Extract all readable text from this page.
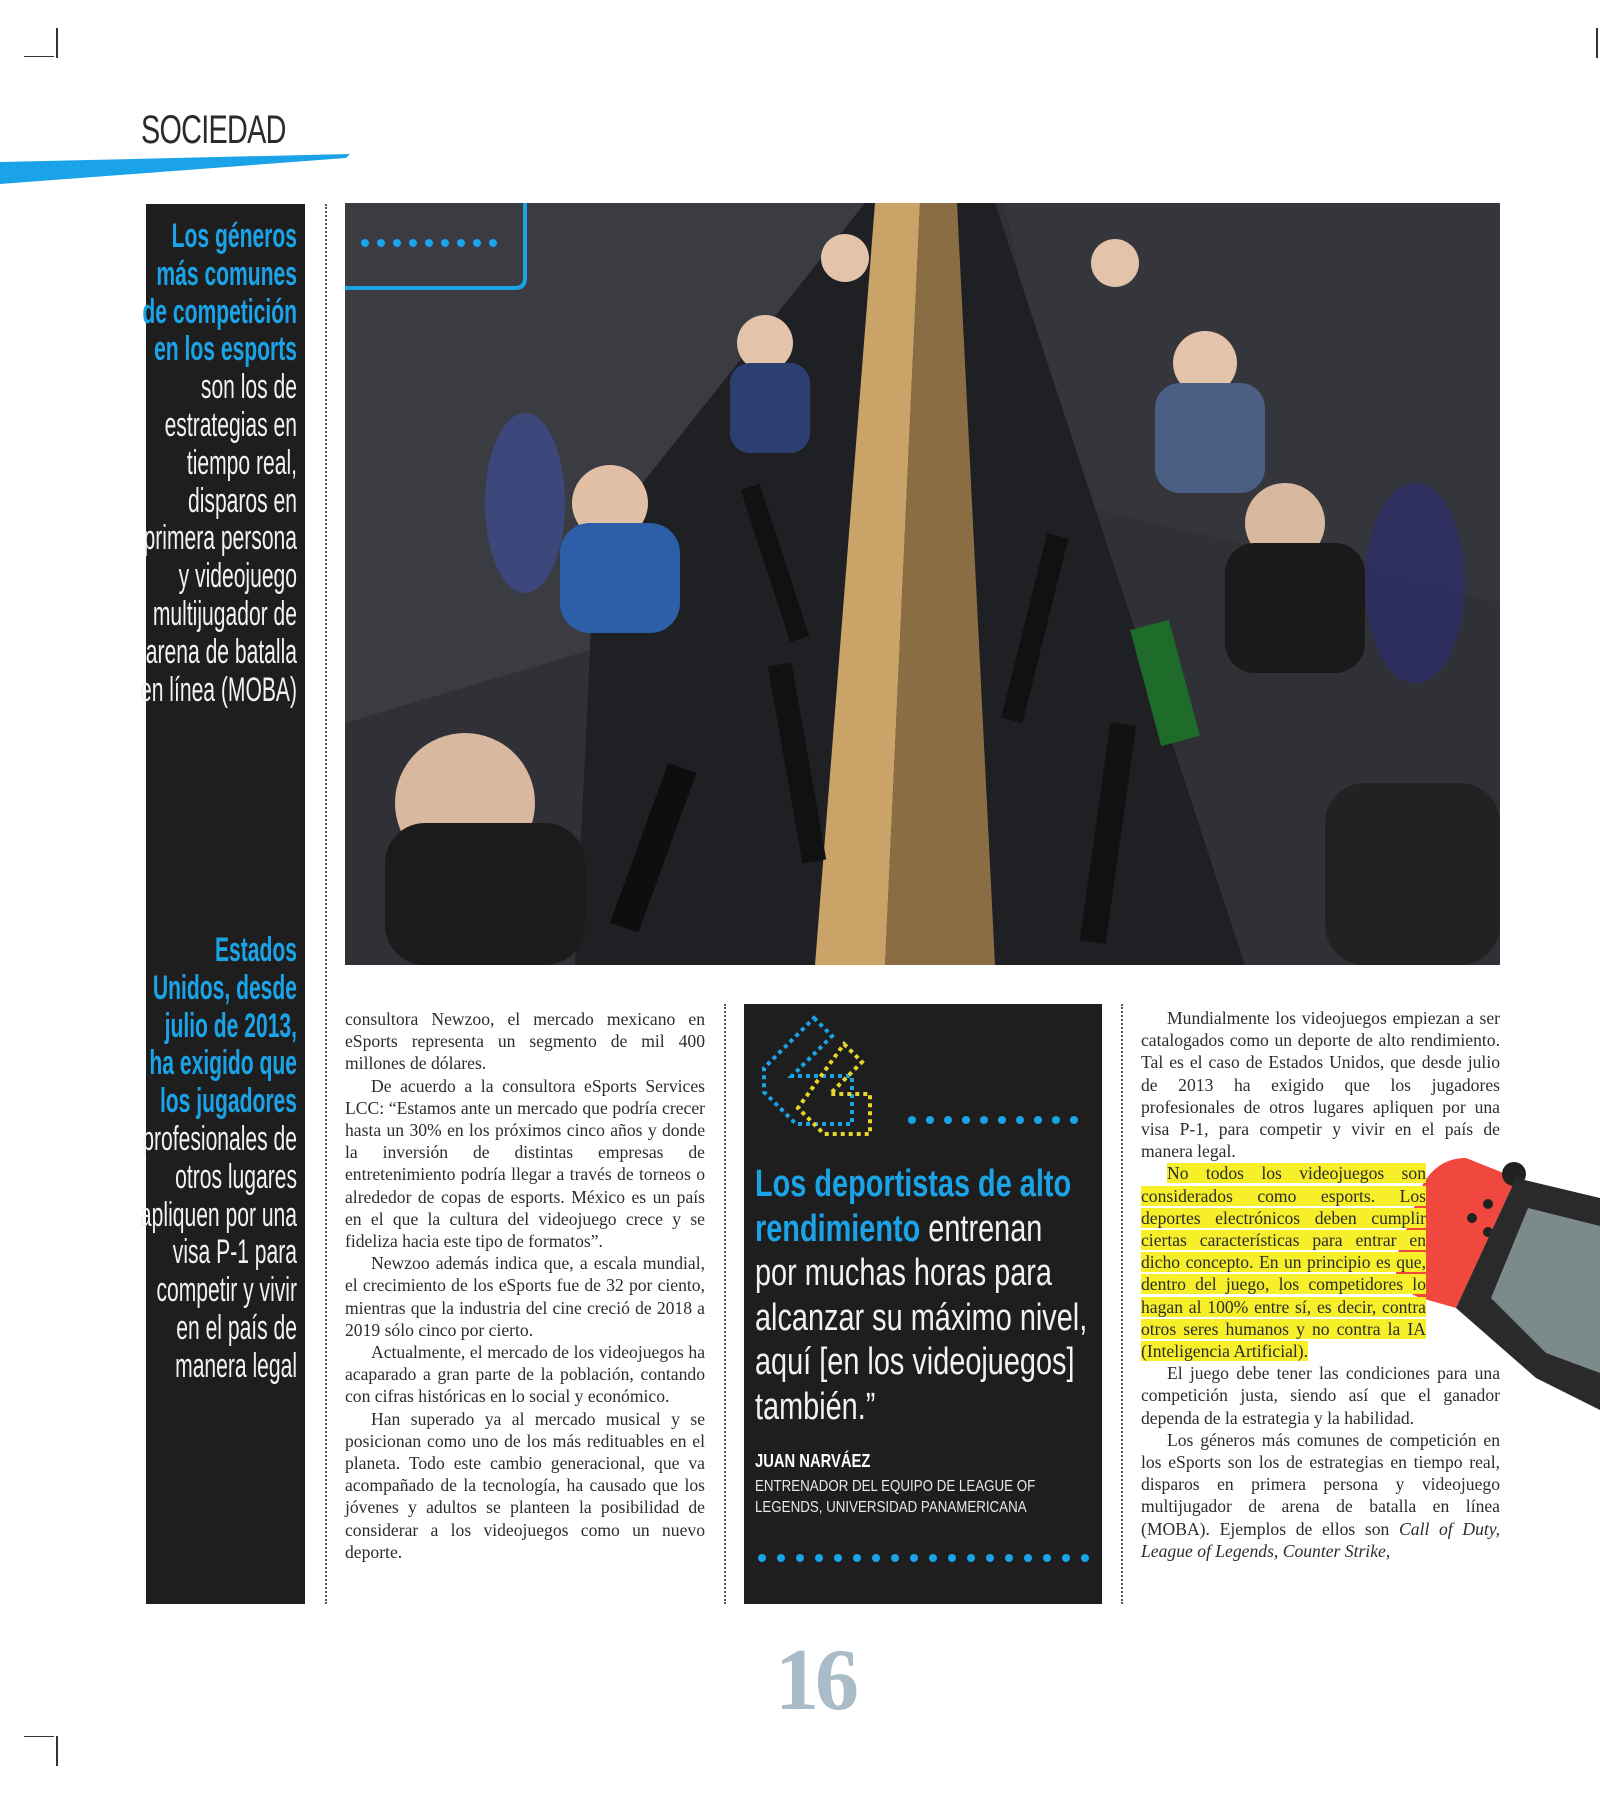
SOCIEDAD
Los géneros más comunes de competición en los esports son los de estrategias en tiempo real, disparos en primera persona y videojuego multijugador de arena de batalla en línea (MOBA)
Estados Unidos, desde julio de 2013, ha exigido que los jugadores profesionales de otros lugares apliquen por una visa P-1 para competir y vivir en el país de manera legal

consultora Newzoo, el mercado mexicano en eSports representa un segmento de mil 400 millones de dólares.

De acuerdo a la consultora eSports Services LCC: “Estamos ante un mercado que podría crecer hasta un 30% en los próximos cinco años y donde la inversión de distintas empresas de entretenimiento podría llegar a través de torneos o alrededor de copas de esports. México es un país en el que la cultura del videojuego crece y se fideliza hacia este tipo de formatos”.

Newzoo además indica que, a escala mundial, el crecimiento de los eSports fue de 32 por ciento, mientras que la industria del cine creció de 2018 a 2019 sólo cinco por cierto.

Actualmente, el mercado de los videojuegos ha acaparado a gran parte de la población, contando con cifras históricas en lo social y económico.

Han superado ya al mercado musical y se posicionan como uno de los más redituables en el planeta. Todo este cambio generacional, que va acompañado de la tecnología, ha causado que los jóvenes y adultos se planteen la posibilidad de considerar a los videojuegos como un nuevo deporte.

Los deportistas de alto rendimiento entrenan por muchas horas para alcanzar su máximo nivel, aquí [en los videojuegos] también.”
JUAN NARVÁEZ
ENTRENADOR DEL EQUIPO DE LEAGUE OF LEGENDS, UNIVERSIDAD PANAMERICANA

Mundialmente los videojuegos empiezan a ser catalogados como un deporte de alto rendimiento. Tal es el caso de Estados Unidos, que desde julio de 2013 ha exigido que los jugadores profesionales de otros lugares apliquen por una visa P-1, para competir y vivir en el país de manera legal.

No todos los videojuegos son considerados como esports. Los deportes electrónicos deben cumplir ciertas características para entrar en dicho concepto. En un principio es que, dentro del juego, los competidores lo hagan al 100% entre sí, es decir, contra otros seres humanos y no contra la IA (Inteligencia Artificial).

El juego debe tener las condiciones para una competición justa, siendo así que el ganador dependa de la estrategia y la habilidad.

Los géneros más comunes de competición en los eSports son los de estrategias en tiempo real, disparos en primera persona y videojuego multijugador de arena de batalla en línea (MOBA). Ejemplos de ellos son Call of Duty, League of Legends, Counter Strike,

16
